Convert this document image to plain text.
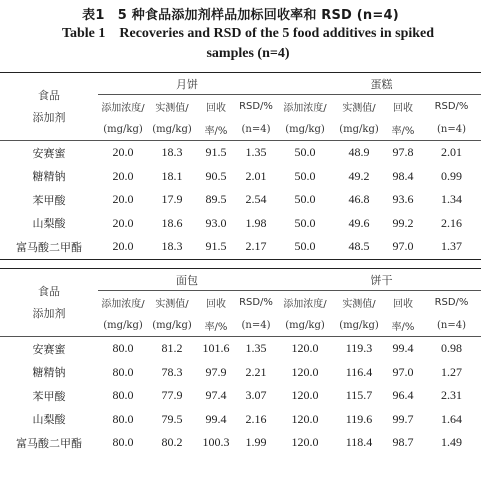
表1　5 种食品添加剂样品加标回收率和 RSD (n=4)
Table 1　Recoveries and RSD of the 5 food additives in spiked
samples (n=4)
食品
添加剂	月饼				蛋糕			
	添加浓度/	实测值/	回收	RSD/%	添加浓度/	实测值/	回收	RSD/%
	(mg/kg)	(mg/kg)	率/%	(n=4)	(mg/kg)	(mg/kg)	率/%	(n=4)
安赛蜜	20.0	18.3	91.5	1.35	50.0	48.9	97.8	2.01
糖精钠	20.0	18.1	90.5	2.01	50.0	49.2	98.4	0.99
苯甲酸	20.0	17.9	89.5	2.54	50.0	46.8	93.6	1.34
山梨酸	20.0	18.6	93.0	1.98	50.0	49.6	99.2	2.16
富马酸二甲酯	20.0	18.3	91.5	2.17	50.0	48.5	97.0	1.37
食品
添加剂	面包				饼干			
	添加浓度/	实测值/	回收	RSD/%	添加浓度/	实测值/	回收	RSD/%
	(mg/kg)	(mg/kg)	率/%	(n=4)	(mg/kg)	(mg/kg)	率/%	(n=4)
安赛蜜	80.0	81.2	101.6	1.35	120.0	119.3	99.4	0.98
糖精钠	80.0	78.3	97.9	2.21	120.0	116.4	97.0	1.27
苯甲酸	80.0	77.9	97.4	3.07	120.0	115.7	96.4	2.31
山梨酸	80.0	79.5	99.4	2.16	120.0	119.6	99.7	1.64
富马酸二甲酯	80.0	80.2	100.3	1.99	120.0	118.4	98.7	1.49
